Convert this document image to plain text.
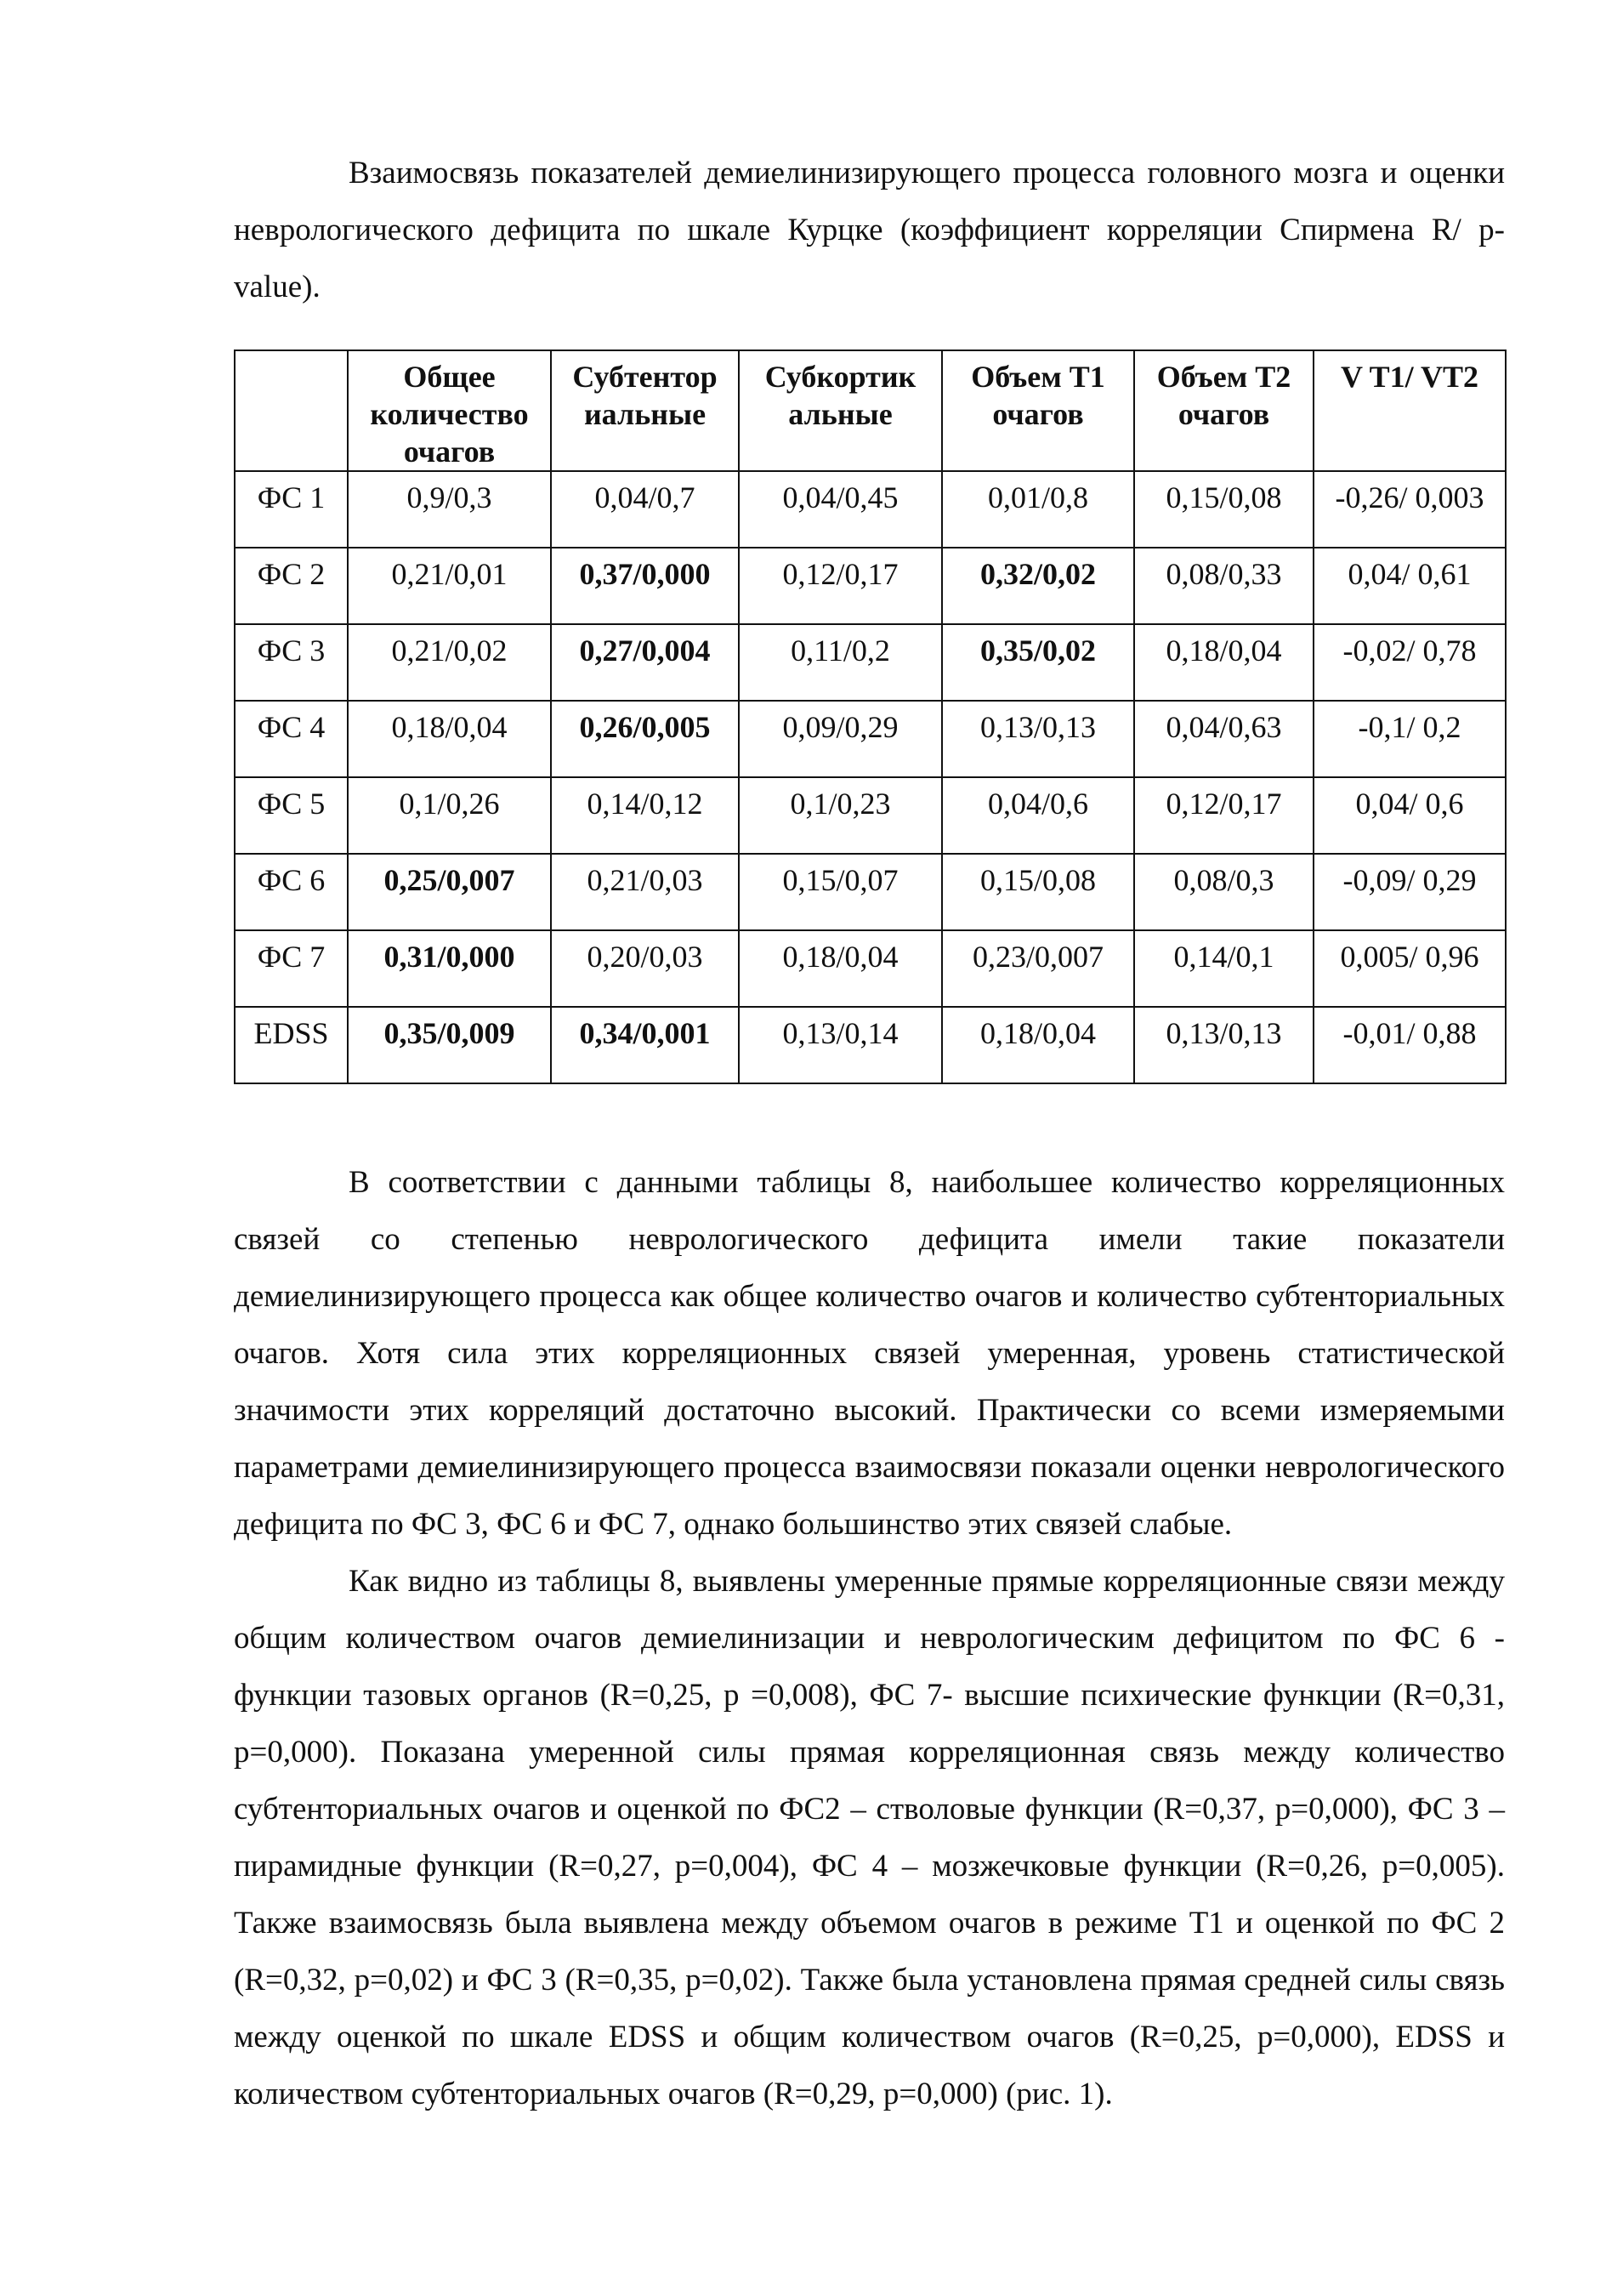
Взаимосвязь показателей демиелинизирующего процесса головного мозга и оценки неврологического дефицита по шкале Курцке (коэффициент корреляции Спирмена R/ p-value).

	Общее количество очагов	Субтентор иальные	Субкортик альные	Объем Т1 очагов	Объем Т2 очагов	V T1/ VT2
ФС 1	0,9/0,3	0,04/0,7	0,04/0,45	0,01/0,8	0,15/0,08	-0,26/ 0,003
ФС 2	0,21/0,01	0,37/0,000	0,12/0,17	0,32/0,02	0,08/0,33	0,04/ 0,61
ФС 3	0,21/0,02	0,27/0,004	0,11/0,2	0,35/0,02	0,18/0,04	-0,02/ 0,78
ФС 4	0,18/0,04	0,26/0,005	0,09/0,29	0,13/0,13	0,04/0,63	-0,1/ 0,2
ФС 5	0,1/0,26	0,14/0,12	0,1/0,23	0,04/0,6	0,12/0,17	0,04/ 0,6
ФС 6	0,25/0,007	0,21/0,03	0,15/0,07	0,15/0,08	0,08/0,3	-0,09/ 0,29
ФС 7	0,31/0,000	0,20/0,03	0,18/0,04	0,23/0,007	0,14/0,1	0,005/ 0,96
EDSS	0,35/0,009	0,34/0,001	0,13/0,14	0,18/0,04	0,13/0,13	-0,01/ 0,88

В соответствии с данными таблицы 8, наибольшее количество корреляционных связей со степенью неврологического дефицита имели такие показатели демиелинизирующего процесса как общее количество очагов и количество субтенториальных очагов. Хотя сила этих корреляционных связей умеренная, уровень статистической значимости этих корреляций достаточно высокий. Практически со всеми измеряемыми параметрами демиелинизирующего процесса взаимосвязи показали оценки неврологического дефицита по ФС 3, ФС 6 и ФС 7, однако большинство этих связей слабые.

Как видно из таблицы 8, выявлены умеренные прямые корреляционные связи между общим количеством очагов демиелинизации и неврологическим дефицитом по ФС 6 - функции тазовых органов (R=0,25, p =0,008), ФС 7- высшие психические функции (R=0,31, p=0,000). Показана умеренной силы прямая корреляционная связь между количество субтенториальных очагов и оценкой по ФС2 – стволовые функции (R=0,37, p=0,000), ФС 3 – пирамидные функции (R=0,27, p=0,004), ФС 4 – мозжечковые функции (R=0,26, p=0,005). Также взаимосвязь была выявлена между объемом очагов в режиме Т1 и оценкой по ФС 2 (R=0,32, p=0,02) и ФС 3 (R=0,35, p=0,02). Также была установлена прямая средней силы связь между оценкой по шкале EDSS и общим количеством очагов (R=0,25, p=0,000), EDSS и количеством субтенториальных очагов (R=0,29, p=0,000) (рис. 1).
